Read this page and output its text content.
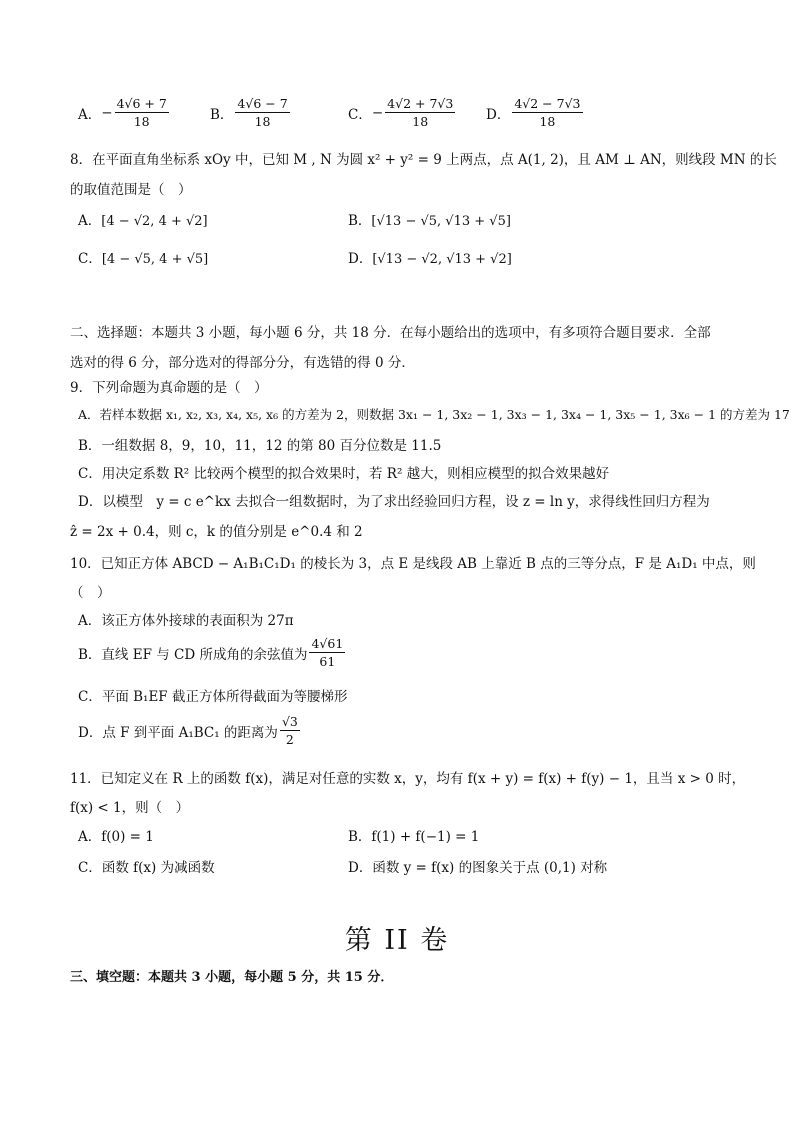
A． − $\frac{4√6 + 7}{18}$	B． $\frac{4√6 - 7}{18}$	C． − $\frac{4√2 + 7√3}{18}$ D． $\frac{4√2 - 7√3}{18}$
8．在平面直角坐标系 xOy 中，已知 M , N 为圆 x² + y² = 9 上两点，点 A(1, 2)，且 AM ⊥ AN，则线段 MN 的长
的取值范围是（　）
A．[4 − √2, 4 + √2]	B．[√13 − √5, √13 + √5]
C．[4 − √5, 4 + √5]	D．[√13 − √2, √13 + √2]
二、选择题：本题共 3 小题，每小题 6 分，共 18 分．在每小题给出的选项中，有多项符合题目要求．全部
选对的得 6 分，部分选对的得部分分，有选错的得 0 分．
9．下列命题为真命题的是（　）
A．若样本数据 x₁, x₂, x₃, x₄, x₅, x₆ 的方差为 2，则数据 3x₁ − 1, 3x₂ − 1, 3x₃ − 1, 3x₄ − 1, 3x₅ − 1, 3x₆ − 1 的方差为 17
B．一组数据 8，9，10，11，12 的第 80 百分位数是 11.5
C．用决定系数 R² 比较两个模型的拟合效果时，若 R² 越大，则相应模型的拟合效果越好
D．以模型　y = c e^kx 去拟合一组数据时，为了求出经验回归方程，设 z = ln y，求得线性回归方程为
ẑ = 2x + 0.4，则 c，k 的值分别是 e^0.4 和 2
10．已知正方体 ABCD − A₁B₁C₁D₁ 的棱长为 3，点 E 是线段 AB 上靠近 B 点的三等分点，F 是 A₁D₁ 中点，则
（　）
A．该正方体外接球的表面积为 27π
B．直线 EF 与 CD 所成角的余弦值为 $\frac{4√61}{61}$
C．平面 B₁EF 截正方体所得截面为等腰梯形
D．点 F 到平面 A₁BC₁ 的距离为 $\frac{√3}{2}$
11．已知定义在 R 上的函数 f(x)，满足对任意的实数 x，y，均有 f(x + y) = f(x) + f(y) − 1，且当 x > 0 时，
f(x) < 1，则（　）
A．f(0) = 1	B．f(1) + f(−1) = 1
C．函数 f(x) 为减函数	D．函数 y = f(x) 的图象关于点 (0,1) 对称
第 II 卷
三、填空题：本题共 3 小题，每小题 5 分，共 15 分．
